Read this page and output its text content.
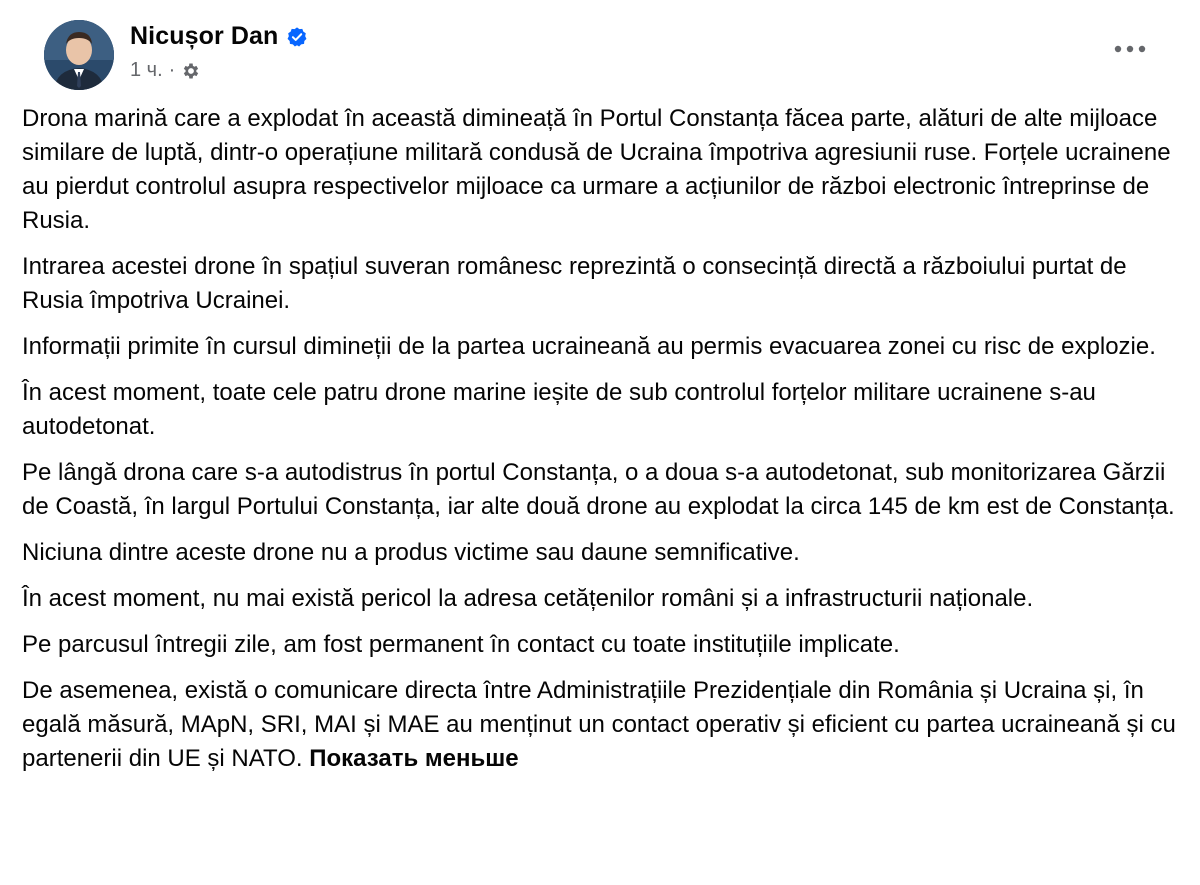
Nicușor Dan
1 ч. ·

Drona marină care a explodat în această dimineață în Portul Constanța făcea parte, alături de alte mijloace similare de luptă, dintr-o operațiune militară condusă de Ucraina împotriva agresiunii ruse. Forțele ucrainene au pierdut controlul asupra respectivelor mijloace ca urmare a acțiunilor de război electronic întreprinse de Rusia.

Intrarea acestei drone în spațiul suveran românesc reprezintă o consecință directă a războiului purtat de Rusia împotriva Ucrainei.

Informații primite în cursul dimineții de la partea ucraineană au permis evacuarea zonei cu risc de explozie.

În acest moment, toate cele patru drone marine ieșite de sub controlul forțelor militare ucrainene s-au autodetonat.

Pe lângă drona care s-a autodistrus în portul Constanța, o a doua s-a autodetonat, sub monitorizarea Gărzii de Coastă, în largul Portului Constanța, iar alte două drone au explodat la circa 145 de km est de Constanța.

Niciuna dintre aceste drone nu a produs victime sau daune semnificative.

În acest moment, nu mai există pericol la adresa cetățenilor români și a infrastructurii naționale.

Pe parcusul întregii zile, am fost permanent în contact cu toate instituțiile implicate.

De asemenea, există o comunicare directa între Administrațiile Prezidențiale din România și Ucraina și, în egală măsură, MApN, SRI, MAI și MAE au menținut un contact operativ și eficient cu partea ucraineană și cu partenerii din UE și NATO. Показать меньше
